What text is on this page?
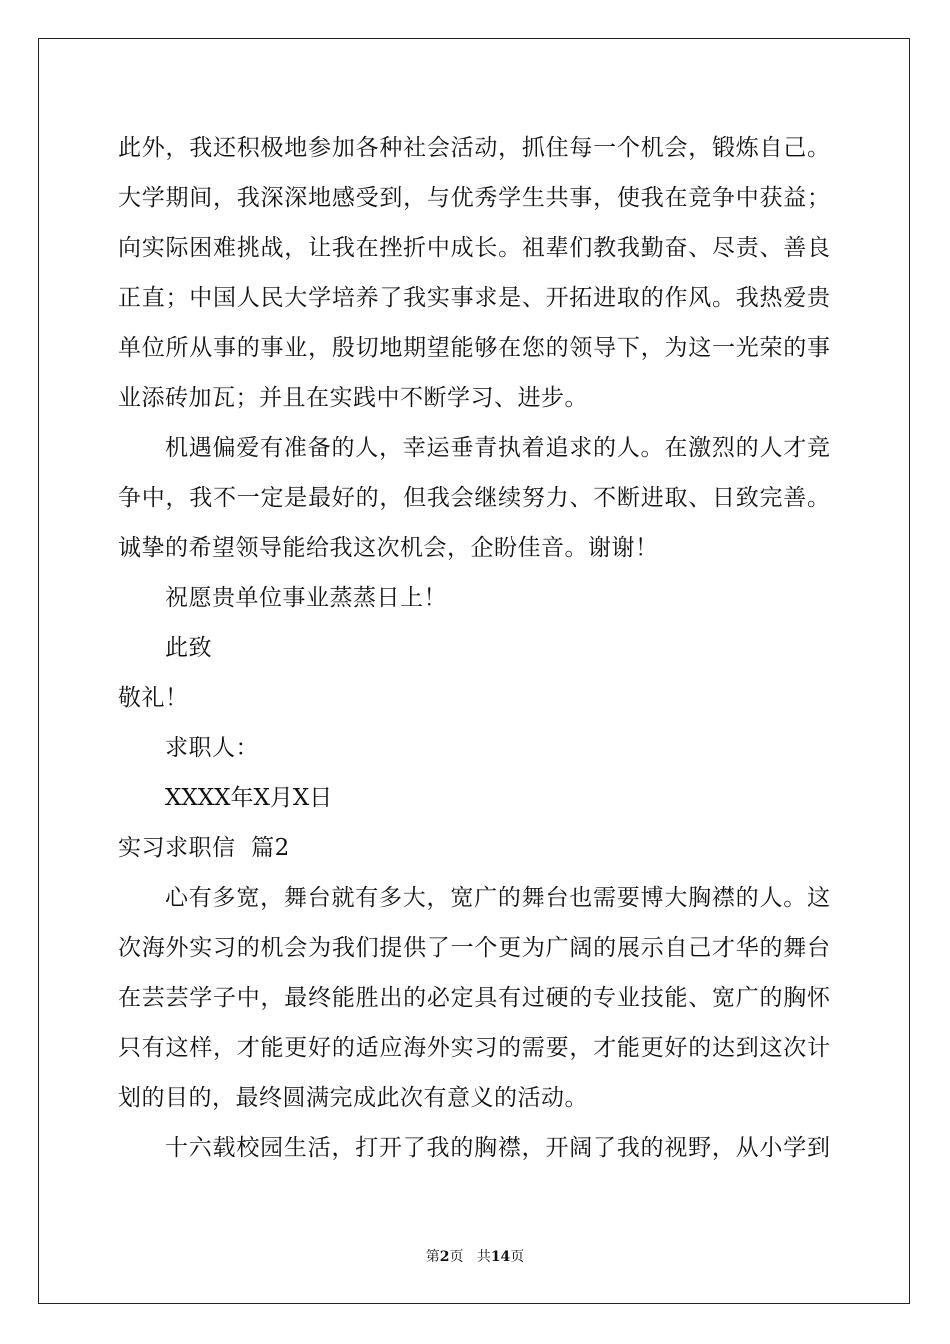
此外，我还积极地参加各种社会活动，抓住每一个机会，锻炼自己。
大学期间，我深深地感受到，与优秀学生共事，使我在竞争中获益；
向实际困难挑战，让我在挫折中成长。祖辈们教我勤奋、尽责、善良
正直；中国人民大学培养了我实事求是、开拓进取的作风。我热爱贵
单位所从事的事业，殷切地期望能够在您的领导下，为这一光荣的事
业添砖加瓦；并且在实践中不断学习、进步。
机遇偏爱有准备的人，幸运垂青执着追求的人。在激烈的人才竞
争中，我不一定是最好的，但我会继续努力、不断进取、日致完善。
诚挚的希望领导能给我这次机会，企盼佳音。谢谢！
祝愿贵单位事业蒸蒸日上！
此致
敬礼！
求职人：
XXXX年X月X日
实习求职信  篇2
心有多宽，舞台就有多大，宽广的舞台也需要博大胸襟的人。这
次海外实习的机会为我们提供了一个更为广阔的展示自己才华的舞台
在芸芸学子中，最终能胜出的必定具有过硬的专业技能、宽广的胸怀
只有这样，才能更好的适应海外实习的需要，才能更好的达到这次计
划的目的，最终圆满完成此次有意义的活动。
十六载校园生活，打开了我的胸襟，开阔了我的视野，从小学到
第2页 共14页
